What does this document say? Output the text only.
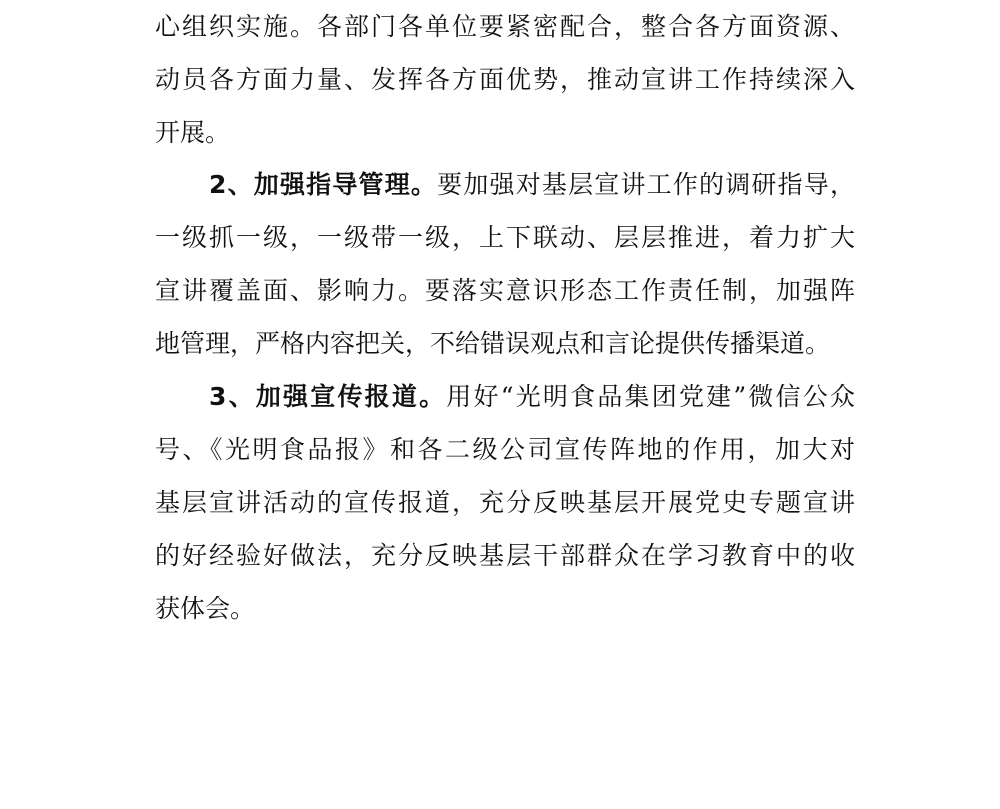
心组织实施。各部门各单位要紧密配合，整合各方面资源、
动员各方面力量、发挥各方面优势，推动宣讲工作持续深入
开展。
2、加强指导管理。要加强对基层宣讲工作的调研指导，
一级抓一级，一级带一级，上下联动、层层推进，着力扩大
宣讲覆盖面、影响力。要落实意识形态工作责任制，加强阵
地管理，严格内容把关，不给错误观点和言论提供传播渠道。
3、加强宣传报道。用好“光明食品集团党建”微信公众
号、《光明食品报》和各二级公司宣传阵地的作用，加大对
基层宣讲活动的宣传报道，充分反映基层开展党史专题宣讲
的好经验好做法，充分反映基层干部群众在学习教育中的收
获体会。
